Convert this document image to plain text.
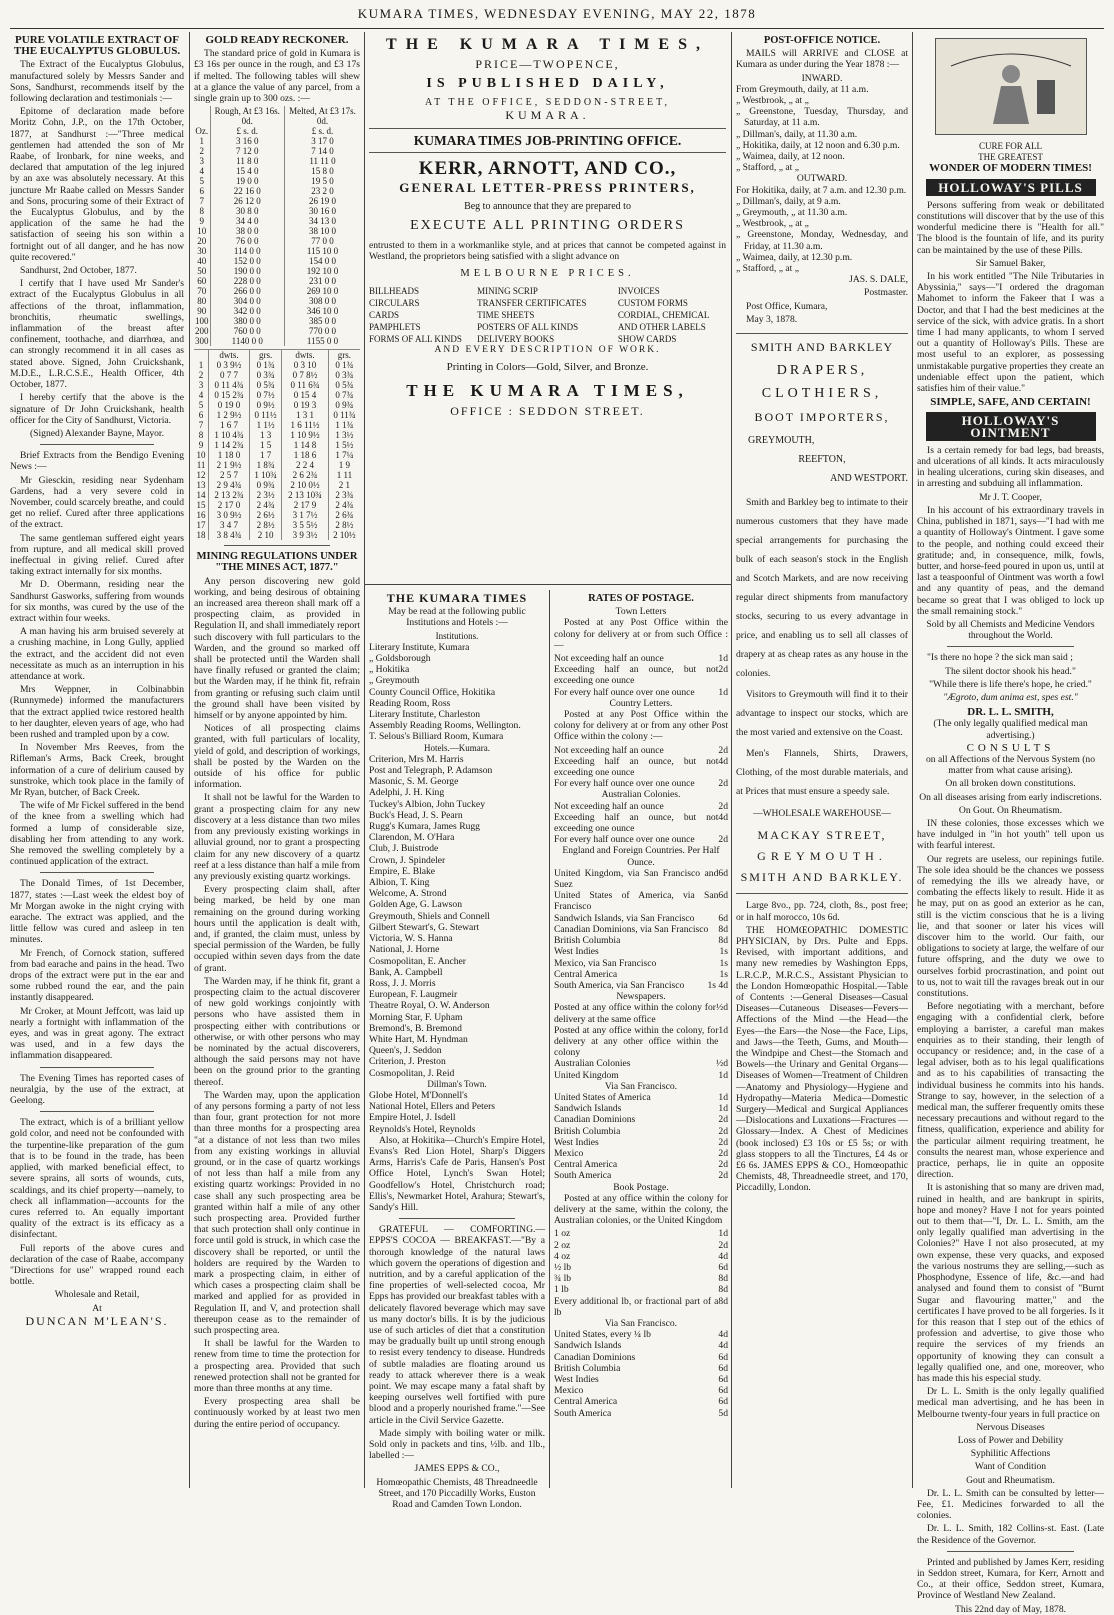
KUMARA TIMES, WEDNESDAY EVENING, MAY 22, 1878
PURE VOLATILE EXTRACT OF THE EUCALYPTUS GLOBULUS.

The Extract of the Eucalyptus Globulus, manufactured solely by Messrs Sander and Sons, Sandhurst, recommends itself by the following declaration and testimonials :—

Epitome of declaration made before Moritz Cohn, J.P., on the 17th October, 1877, at Sandhurst :—"Three medical gentlemen had attended the son of Mr Raabe, of Ironbark, for nine weeks, and declared that amputation of the leg injured by an axe was absolutely necessary. At this juncture Mr Raabe called on Messrs Sander and Sons, procuring some of their Extract of the Eucalyptus Globulus, and by the application of the same he had the satisfaction of seeing his son within a fortnight out of all danger, and he has now quite recovered."

Sandhurst, 2nd October, 1877.

I certify that I have used Mr Sander's extract of the Eucalyptus Globulus in all affections of the throat, inflammation, bronchitis, rheumatic swellings, inflammation of the breast after confinement, toothache, and diarrhœa, and can strongly recommend it in all cases as stated above. Signed, John Cruickshank, M.D.E., L.R.C.S.E., Health Officer, 4th October, 1877.

I hereby certify that the above is the signature of Dr John Cruickshank, health officer for the City of Sandhurst, Victoria.

(Signed) Alexander Bayne, Mayor.

Brief Extracts from the Bendigo Evening News :—

Mr Giesckin, residing near Sydenham Gardens, had a very severe cold in November, could scarcely breathe, and could get no relief. Cured after three applications of the extract.

The same gentleman suffered eight years from rupture, and all medical skill proved ineffectual in giving relief. Cured after taking extract internally for six months.

Mr D. Obermann, residing near the Sandhurst Gasworks, suffering from wounds for six months, was cured by the use of the extract within four weeks.

A man having his arm bruised severely at a crushing machine, in Long Gully, applied the extract, and the accident did not even necessitate as much as an interruption in his attendance at work.

Mrs Weppner, in Colbinabbin (Runnymede) informed the manufacturers that the extract applied twice restored health to her daughter, eleven years of age, who had been rushed and trampled upon by a cow.

In November Mrs Reeves, from the Rifleman's Arms, Back Creek, brought information of a cure of delirium caused by sunstroke, which took place in the family of Mr Ryan, butcher, of Back Creek.

The wife of Mr Fickel suffered in the bend of the knee from a swelling which had formed a lump of considerable size, disabling her from attending to any work. She removed the swelling completely by a continued application of the extract.

The Donald Times, of 1st December, 1877, states :—Last week the eldest boy of Mr Morgan awoke in the night crying with earache. The extract was applied, and the little fellow was cured and asleep in ten minutes.

Mr French, of Cornock station, suffered from bad earache and pains in the head. Two drops of the extract were put in the ear and some rubbed round the ear, and the pain instantly disappeared.

Mr Croker, at Mount Jeffcott, was laid up nearly a fortnight with inflammation of the eyes, and was in great agony. The extract was used, and in a few days the inflammation disappeared.

The Evening Times has reported cases of neuralgia, by the use of the extract, at Geelong.

The extract, which is of a brilliant yellow gold color, and need not be confounded with the turpentine-like preparation of the gum that is to be found in the trade, has been applied, with marked beneficial effect, to severe sprains, all sorts of wounds, cuts, scaldings, and its chief property—namely, to check all inflammation—accounts for the cures referred to. An equally important quality of the extract is its efficacy as a disinfectant.

Full reports of the above cures and declaration of the case of Raabe, accompany "Directions for use" wrapped round each bottle.

Wholesale and Retail,

At

DUNCAN M'LEAN'S.

GOLD READY RECKONER.

The standard price of gold in Kumara is £3 16s per ounce in the rough, and £3 17s if melted. The following tables will shew at a glance the value of any parcel, from a single grain up to 300 ozs. :—

	Rough, At £3 16s. 0d.	Melted, At £3 17s. 0d.
Oz.	£ s. d.	£ s. d.
1	3 16 0	3 17 0
2	7 12 0	7 14 0
3	11 8 0	11 11 0
4	15 4 0	15 8 0
5	19 0 0	19 5 0
6	22 16 0	23 2 0
7	26 12 0	26 19 0
8	30 8 0	30 16 0
9	34 4 0	34 13 0
10	38 0 0	38 10 0
20	76 0 0	77 0 0
30	114 0 0	115 10 0
40	152 0 0	154 0 0
50	190 0 0	192 10 0
60	228 0 0	231 0 0
70	266 0 0	269 10 0
80	304 0 0	308 0 0
90	342 0 0	346 10 0
100	380 0 0	385 0 0
200	760 0 0	770 0 0
300	1140 0 0	1155 0 0
	dwts.	grs.	dwts.	grs.
1	0 3 9½	0 1¾	0 3 10	0 1¾
2	0 7 7	0 3¾	0 7 8½	0 3¾
3	0 11 4¾	0 5¾	0 11 6¾	0 5¾
4	0 15 2¾	0 7½	0 15 4	0 7¾
5	0 19 0	0 9½	0 19 3	0 9¾
6	1 2 9½	0 11½	1 3 1	0 11¾
7	1 6 7	1 1½	1 6 11½	1 1¾
8	1 10 4¾	1 3	1 10 9½	1 3½
9	1 14 2¾	1 5	1 14 8	1 5½
10	1 18 0	1 7	1 18 6	1 7¼
11	2 1 9½	1 8¾	2 2 4	1 9
12	2 5 7	1 10¾	2 6 2¾	1 11
13	2 9 4¾	0 9¾	2 10 0½	2 1
14	2 13 2¾	2 3½	2 13 10¾	2 3¾
15	2 17 0	2 4¾	2 17 9	2 4¾
16	3 0 9½	2 6½	3 1 7½	2 6¾
17	3 4 7	2 8½	3 5 5½	2 8½
18	3 8 4¾	2 10	3 9 3½	2 10½
MINING REGULATIONS UNDER "THE MINES ACT, 1877."

Any person discovering new gold working, and being desirous of obtaining an increased area thereon shall mark off a prospecting claim, as provided in Regulation II, and shall immediately report such discovery with full particulars to the Warden, and the ground so marked off shall be protected until the Warden shall have finally refused or granted the claim; but the Warden may, if he think fit, refrain from granting or refusing such claim until the ground shall have been visited by himself or by anyone appointed by him.

Notices of all prospecting claims granted, with full particulars of locality, yield of gold, and description of workings, shall be posted by the Warden on the outside of his office for public information.

It shall not be lawful for the Warden to grant a prospecting claim for any new discovery at a less distance than two miles from any previously existing workings in alluvial ground, nor to grant a prospecting claim for any new discovery of a quartz reef at a less distance than half a mile from any previously existing quartz workings.

Every prospecting claim shall, after being marked, be held by one man remaining on the ground during working hours until the application is dealt with, and, if granted, the claim must, unless by special permission of the Warden, be fully occupied within seven days from the date of grant.

The Warden may, if he think fit, grant a prospecting claim to the actual discoverer of new gold workings conjointly with persons who have assisted them in prospecting either with contributions or otherwise, or with other persons who may be nominated by the actual discoverers, although the said persons may not have been on the ground prior to the granting thereof.

The Warden may, upon the application of any persons forming a party of not less than four, grant protection for not more than three months for a prospecting area "at a distance of not less than two miles from any existing workings in alluvial ground, or in the case of quartz workings of not less than half a mile from any existing quartz workings: Provided in no case shall any such prospecting area be granted within half a mile of any other such prospecting area. Provided further that such protection shall only continue in force until gold is struck, in which case the discovery shall be reported, or until the holders are required by the Warden to mark a prospecting claim, in either of which cases a prospecting claim shall be marked and applied for as provided in Regulation II, and V, and protection shall thereupon cease as to the remainder of such prospecting area.

It shall be lawful for the Warden to renew from time to time the protection for a prospecting area. Provided that such renewed protection shall not be granted for more than three months at any time.

Every prospecting area shall be continuously worked by at least two men during the entire period of occupancy.

THE KUMARA TIMES,
PRICE—TWOPENCE,
IS PUBLISHED DAILY,
AT THE OFFICE, SEDDON-STREET,
KUMARA.
KUMARA TIMES JOB-PRINTING OFFICE.
KERR, ARNOTT, AND CO.,
GENERAL LETTER-PRESS PRINTERS,
Beg to announce that they are prepared to
EXECUTE ALL PRINTING ORDERS

entrusted to them in a workmanlike style, and at prices that cannot be competed against in Westland, the proprietors being satisfied with a slight advance on

MELBOURNE PRICES.
BILLHEADS	MINING SCRIP	INVOICES
CIRCULARS	TRANSFER CERTIFICATES	CUSTOM FORMS
CARDS	TIME SHEETS	CORDIAL, CHEMICAL
PAMPHLETS	POSTERS OF ALL KINDS	AND OTHER LABELS
FORMS OF ALL KINDS	DELIVERY BOOKS	SHOW CARDS
AND EVERY DESCRIPTION OF WORK.
Printing in Colors—Gold, Silver, and Bronze.
THE KUMARA TIMES,
OFFICE : SEDDON STREET.
THE KUMARA TIMES

May be read at the following public Institutions and Hotels :—

Institutions.
Literary Institute, Kumara
„ Goldsborough
„ Hokitika
„ Greymouth
County Council Office, Hokitika
Reading Room, Ross
Literary Institute, Charleston
Assembly Reading Rooms, Wellington.
T. Selous's Billiard Room, Kumara
Hotels.—Kumara.
Criterion, Mrs M. Harris
Post and Telegraph, P. Adamson
Masonic, S. M. George
Adelphi, J. H. King
Tuckey's Albion, John Tuckey
Buck's Head, J. S. Pearn
Rugg's Kumara, James Rugg
Clarendon, M. O'Hara
Club, J. Buistrode
Crown, J. Spindeler
Empire, E. Blake
Albion, T. King
Welcome, A. Strond
Golden Age, G. Lawson
Greymouth, Shiels and Connell
Gilbert Stewart's, G. Stewart
Victoria, W. S. Hanna
National, J. Horne
Cosmopolitan, E. Ancher
Bank, A. Campbell
Ross, J. J. Morris
European, F. Laugmeir
Theatre Royal, O. W. Anderson
Morning Star, F. Upham
Bremond's, B. Bremond
White Hart, M. Hyndman
Queen's, J. Seddon
Criterion, J. Preston
Cosmopolitan, J. Reid
Dillman's Town.
Globe Hotel, M'Donnell's
National Hotel, Ellers and Peters
Empire Hotel, J. Isdell
Reynolds's Hotel, Reynolds

Also, at Hokitika—Church's Empire Hotel, Evans's Red Lion Hotel, Sharp's Diggers Arms, Harris's Cafe de Paris, Hansen's Post Office Hotel, Lynch's Swan Hotel; Goodfellow's Hotel, Christchurch road; Ellis's, Newmarket Hotel, Arahura; Stewart's, Sandy's Hill.

GRATEFUL — COMFORTING.— EPPS'S COCOA — BREAKFAST.—"By a thorough knowledge of the natural laws which govern the operations of digestion and nutrition, and by a careful application of the fine properties of well-selected cocoa, Mr Epps has provided our breakfast tables with a delicately flavored beverage which may save us many doctor's bills. It is by the judicious use of such articles of diet that a constitution may be gradually built up until strong enough to resist every tendency to disease. Hundreds of subtle maladies are floating around us ready to attack wherever there is a weak point. We may escape many a fatal shaft by keeping ourselves well fortified with pure blood and a properly nourished frame."—See article in the Civil Service Gazette.

Made simply with boiling water or milk. Sold only in packets and tins, ½lb. and 1lb., labelled :—

JAMES EPPS & CO.,

Homœopathic Chemists, 48 Threadneedle Street, and 170 Piccadilly Works, Euston Road and Camden Town London.

RATES OF POSTAGE.
Town Letters

Posted at any Post Office within the colony for delivery at or from such Office :—

Not exceeding half an ounce	1d
Exceeding half an ounce, but not exceeding one ounce
2d
For every half ounce over one ounce	1d
Country Letters.

Posted at any Post Office within the colony for delivery at or from any other Post Office within the colony :—

Not exceeding half an ounce	2d
Exceeding half an ounce, but not exceeding one ounce
4d
For every half ounce over one ounce	2d
Australian Colonies.
Not exceeding half an ounce	2d
Exceeding half an ounce, but not exceeding one ounce
4d
For every half ounce over one ounce	2d
England and Foreign Countries. Per Half Ounce.
United Kingdom, via San Francisco and Suez
6d
United States of America, via San Francisco
6d
Sandwich Islands, via San Francisco	6d
Canadian Dominions, via San Francisco	8d
British Columbia	8d
West Indies	1s
Mexico, via San Francisco	1s
Central America	1s
South America, via San Francisco	1s 4d
Newspapers.
Posted at any office within the colony for delivery at the same office
½d
Posted at any office within the colony, for delivery at any other office within the colony
1d
Australian Colonies	½d
United Kingdom	1d
Via San Francisco.
United States of America	1d
Sandwich Islands	1d
Canadian Dominions	2d
British Columbia	2d
West Indies	2d
Mexico	2d
Central America	2d
South America	2d
Book Postage.

Posted at any office within the colony for delivery at the same, within the colony, the Australian colonies, or the United Kingdom

1 oz	1d
2 oz	2d
4 oz	4d
½ lb	6d
¾ lb	8d
1 lb	8d
Every additional lb, or fractional part of a lb
8d
Via San Francisco.
United States, every ¼ lb	4d
Sandwich Islands	4d
Canadian Dominions	6d
British Columbia	6d
West Indies	6d
Mexico	6d
Central America	6d
South America	5d
POST-OFFICE NOTICE.

MAILS will ARRIVE and CLOSE at Kumara as under during the Year 1878 :—

INWARD.
From Greymouth, daily, at 11 a.m.
„ Westbrook, „ at „
„ Greenstone, Tuesday, Thursday, and Saturday, at 11 a.m.
„ Dillman's, daily, at 11.30 a.m.
„ Hokitika, daily, at 12 noon and 6.30 p.m.
„ Waimea, daily, at 12 noon.
„ Stafford, „ at „
OUTWARD.
For Hokitika, daily, at 7 a.m. and 12.30 p.m.
„ Dillman's, daily, at 9 a.m.
„ Greymouth, „ at 11.30 a.m.
„ Westbrook, „ at „
„ Greenstone, Monday, Wednesday, and Friday, at 11.30 a.m.
„ Waimea, daily, at 12.30 p.m.
„ Stafford, „ at „

JAS. S. DALE,

Postmaster.

Post Office, Kumara,

May 3, 1878.

SMITH AND BARKLEY
DRAPERS,
CLOTHIERS,
BOOT IMPORTERS,
GREYMOUTH,
REEFTON,
AND WESTPORT.

Smith and Barkley beg to intimate to their numerous customers that they have made special arrangements for purchasing the bulk of each season's stock in the English and Scotch Markets, and are now receiving regular direct shipments from manufactory stocks, securing to us every advantage in price, and enabling us to sell all classes of drapery at as cheap rates as any house in the colonies.

Visitors to Greymouth will find it to their advantage to inspect our stocks, which are the most varied and extensive on the Coast.

Men's Flannels, Shirts, Drawers, Clothing, of the most durable materials, and at Prices that must ensure a speedy sale.

—WHOLESALE WAREHOUSE—
MACKAY STREET,
GREYMOUTH.
SMITH AND BARKLEY.

Large 8vo., pp. 724, cloth, 8s., post free; or in half morocco, 10s 6d.

THE HOMŒOPATHIC DOMESTIC PHYSICIAN, by Drs. Pulte and Epps. Revised, with important additions, and many new remedies by Washington Epps, L.R.C.P., M.R.C.S., Assistant Physician to the London Homœopathic Hospital.—Table of Contents :—General Diseases—Casual Diseases—Cutaneous Diseases—Fevers—Affections of the Mind —the Head—the Eyes—the Ears—the Nose—the Face, Lips, and Jaws—the Teeth, Gums, and Mouth—the Windpipe and Chest—the Stomach and Bowels—the Urinary and Genital Organs—Diseases of Women—Treatment of Children—Anatomy and Physiology—Hygiene and Hydropathy—Materia Medica—Domestic Surgery—Medical and Surgical Appliances —Dislocations and Luxations—Fractures —Glossary—Index. A Chest of Medicines (book inclosed) £3 10s or £5 5s; or with glass stoppers to all the Tinctures, £4 4s or £6 6s. JAMES EPPS & CO., Homœopathic Chemists, 48, Threadneedle street, and 170, Piccadilly, London.

CURE FOR ALL
THE GREATEST
WONDER OF MODERN TIMES!
HOLLOWAY'S PILLS

Persons suffering from weak or debilitated constitutions will discover that by the use of this wonderful medicine there is "Health for all." The blood is the fountain of life, and its purity can be maintained by the use of these Pills.

Sir Samuel Baker,

In his work entitled "The Nile Tributaries in Abyssinia," says—"I ordered the dragoman Mahomet to inform the Fakeer that I was a Doctor, and that I had the best medicines at the service of the sick, with advice gratis. In a short time I had many applicants, to whom I served out a quantity of Holloway's Pills. These are most useful to an explorer, as possessing unmistakable purgative properties they create an undeniable effect upon the patient, which satisfies him of their value."

SIMPLE, SAFE, AND CERTAIN!
HOLLOWAY'S OINTMENT

Is a certain remedy for bad legs, bad breasts, and ulcerations of all kinds. It acts miraculously in healing ulcerations, curing skin diseases, and in arresting and subduing all inflammation.

Mr J. T. Cooper,

In his account of his extraordinary travels in China, published in 1871, says—"I had with me a quantity of Holloway's Ointment. I gave some to the people, and nothing could exceed their gratitude; and, in consequence, milk, fowls, butter, and horse-feed poured in upon us, until at last a teaspoonful of Ointment was worth a fowl and any quantity of peas, and the demand became so great that I was obliged to lock up the small remaining stock."

Sold by all Chemists and Medicine Vendors throughout the World.

"Is there no hope ? the sick man said ;

The silent doctor shook his head."

"While there is life there's hope, he cried."

"Ægroto, dum anima est, spes est."

DR. L. L. SMITH,

(The only legally qualified medical man advertising.)

CONSULTS

on all Affections of the Nervous System (no matter from what cause arising).

On all broken down constitutions.

On all diseases arising from early indiscretions.

On Gout. On Rheumatism.

IN these colonies, those excesses which we have indulged in "in hot youth" tell upon us with fearful interest.

Our regrets are useless, our repinings futile. The sole idea should be the chances we possess of remedying the ills we already have, or combating the effects likely to result. Hide it as he may, put on as good an exterior as he can, still is the victim conscious that he is a living lie, and that sooner or later his vices will discover him to the world. Our faith, our obligations to society at large, the welfare of our future offspring, and the duty we owe to ourselves forbid procrastination, and point out to us, not to wait till the ravages break out in our constitutions.

Before negotiating with a merchant, before engaging with a confidential clerk, before employing a barrister, a careful man makes enquiries as to their standing, their length of occupancy or residence; and, in the case of a legal adviser, both as to his legal qualifications and as to his capabilities of transacting the individual business he commits into his hands. Strange to say, however, in the selection of a medical man, the sufferer frequently omits these necessary precautions and without regard to the fitness, qualification, experience and ability for the particular ailment requiring treatment, he consults the nearest man, whose experience and practice, perhaps, lie in quite an opposite direction.

It is astonishing that so many are driven mad, ruined in health, and are bankrupt in spirits, hope and money? Have I not for years pointed out to them that—"I, Dr. L. L. Smith, am the only legally qualified man advertising in the Colonies?" Have I not also prosecuted, at my own expense, these very quacks, and exposed the various nostrums they are selling,—such as Phosphodyne, Essence of life, &c.—and had analysed and found them to consist of "Burnt Sugar and flavouring matter," and the certificates I have proved to be all forgeries. Is it for this reason that I step out of the ethics of profession and advertise, to give those who require the services of my friends an opportunity of knowing they can consult a legally qualified one, and one, moreover, who has made this his especial study.

Dr L. L. Smith is the only legally qualified medical man advertising, and he has been in Melbourne twenty-four years in full practice on

Nervous Diseases

Loss of Power and Debility

Syphilitic Affections

Want of Condition

Gout and Rheumatism.

Dr. L. L. Smith can be consulted by letter—Fee, £1. Medicines forwarded to all the colonies.

Dr. L. L. Smith, 182 Collins-st. East. (Late the Residence of the Governor.

Printed and published by James Kerr, residing in Seddon street, Kumara, for Kerr, Arnott and Co., at their office, Seddon street, Kumara, Province of Westland New Zealand.

This 22nd day of May, 1878.
